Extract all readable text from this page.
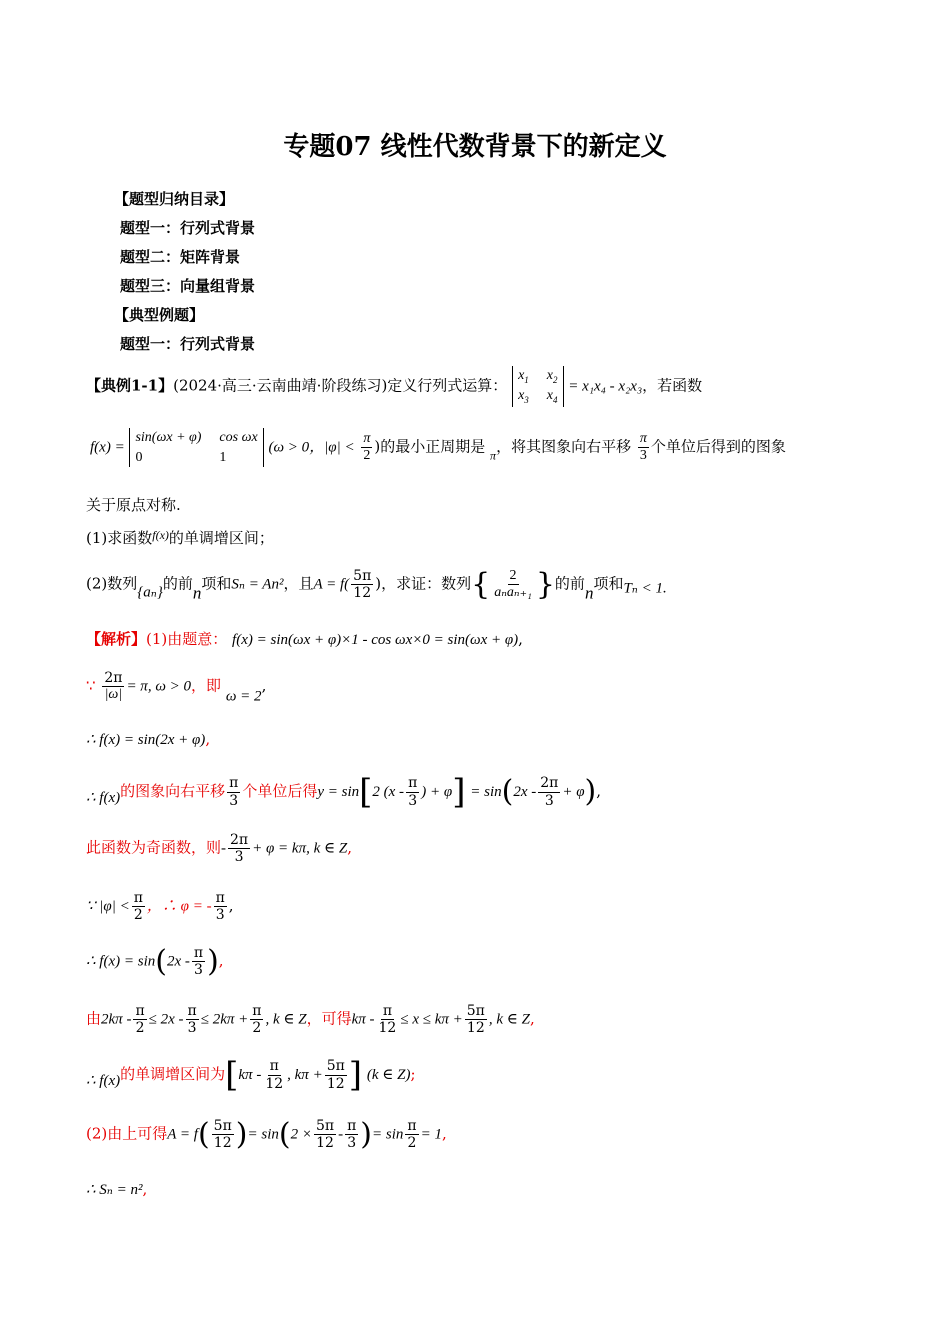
专题07 线性代数背景下的新定义
【题型归纳目录】
题型一：行列式背景
题型二：矩阵背景
题型三：向量组背景
【典型例题】
题型一：行列式背景
【典例1-1】(2024·高三·云南曲靖·阶段练习)定义行列式运算：
$x_1$ $x_2$
$x_3$ $x_4$
= x₁x₄ - x₂x₃，若函数
f(x) =
sin(ωx + φ) cos ωx
0	1
(ω > 0，$|\varphi| < \frac{\pi}{2}$ )的最小正周期是 $_\pi$，将其图象向右平移 $\frac{\pi}{3}$ 个单位后得到的图象
关于原点对称.
(1)求函数$^{f(x)}$的单调增区间；
(2)数列{aₙ}的前n项和Sₙ = An²，且$A = f( \frac{5\pi}{12}$ )，求证：数列{ $\frac{2}{\text{aₙaₙ₊₁}}$ }的前n项和Tₙ < 1.
【解析】(1)由题意： f(x) = sin(ωx + φ)×1 - cos ωx×0 = sin(ωx + φ),
∵ $\frac{2\pi}{|\omega|} = \pi$, ω > 0，即 ω = 2,
∴ f(x) = sin(2x + φ),
∴ f(x)的图象向右平移 $\frac{\pi}{3}$ 个单位后得y = sin[2 ($x - \frac{\pi}{3}$ ) + $\varphi] = \sin(2x - \frac{2\pi}{3} + \varphi)$,
此函数为奇函数，则- $\frac{2\pi}{3} + \varphi = k\pi$, k ∈ Z,
∵ $|\varphi| < \frac{\pi}{2}$ ，∴ φ = - $\frac{\pi}{3}$ ,
∴ $f(x) = \sin(2x - \frac{\pi}{3}$ ),
由$2k\pi - \frac{\pi}{2} \le 2x - \frac{\pi}{3} \le 2k\pi + \frac{\pi}{2}$ , k ∈ Z，可得$k\pi - \frac{\pi}{12} \le x \le k\pi + \frac{5\pi}{12}$ , k ∈ Z,
∴ f(x)的单调增区间为[$k\pi - \frac{\pi}{12}$ , $k\pi + \frac{5\pi}{12}$ ] (k ∈ Z);
(2)由上可得$A = f( \frac{5\pi}{12}$ )= $\sin(2 \times \frac{5\pi}{12} - \frac{\pi}{3}$ )= $\sin \frac{\pi}{2} = 1$,
∴ Sₙ = n²,
